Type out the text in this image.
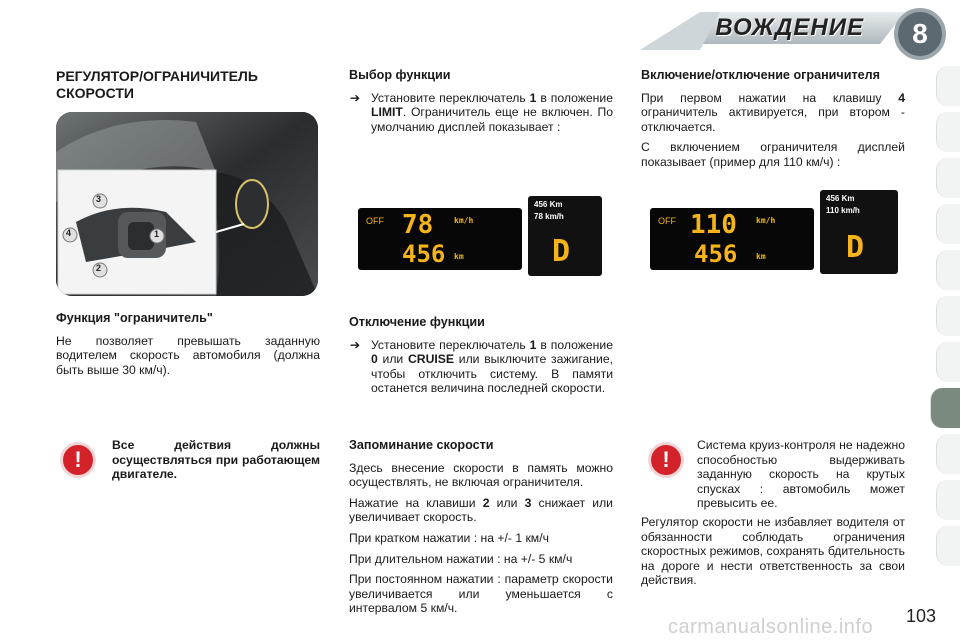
ВОЖДЕНИЕ	8
РЕГУЛЯТОР/ОГРАНИЧИТЕЛЬ
СКОРОСТИ
3
4	1
2
Функция "ограничитель"

Не позволяет превышать заданную водителем скорость автомобиля (должна быть выше 30 км/ч).

!

Все действия должны осуществляться при работающем двигателе.

Выбор функции
➔ Установите переключатель 1 в положение LIMIT. Ограничитель еще не включен. По умолчанию дисплей показывает :

OFF 78	km/h
456 km
456 Km
78 km/h
D
Отключение функции
➔ Установите переключатель 1 в положение 0 или CRUISE или выключите зажигание, чтобы отключить систему. В памяти останется величина последней скорости.

Запоминание скорости

Здесь внесение скорости в память можно осуществлять, не включая ограничителя.

Нажатие на клавиши 2 или 3 снижает или увеличивает скорость.

При кратком нажатии : на +/- 1 км/ч

При длительном нажатии : на +/- 5 км/ч

При постоянном нажатии : параметр скорости увеличивается или уменьшается с интервалом 5 км/ч.

Включение/отключение ограничителя

При первом нажатии на клавишу 4 ограничитель активируется, при втором - отключается.

С включением ограничителя дисплей показывает (пример для 110 км/ч) :

OFF 110 km/h
456 km
456 Km
110 km/h
D
!

Система круиз-контроля не надежно способностью выдерживать заданную скорость на крутых спусках : автомобиль может превысить ее.

Регулятор скорости не избавляет водителя от обязанности соблюдать ограничения скоростных режимов, сохранять бдительность на дороге и нести ответственность за свои действия.

103
carmanualsonline.info
